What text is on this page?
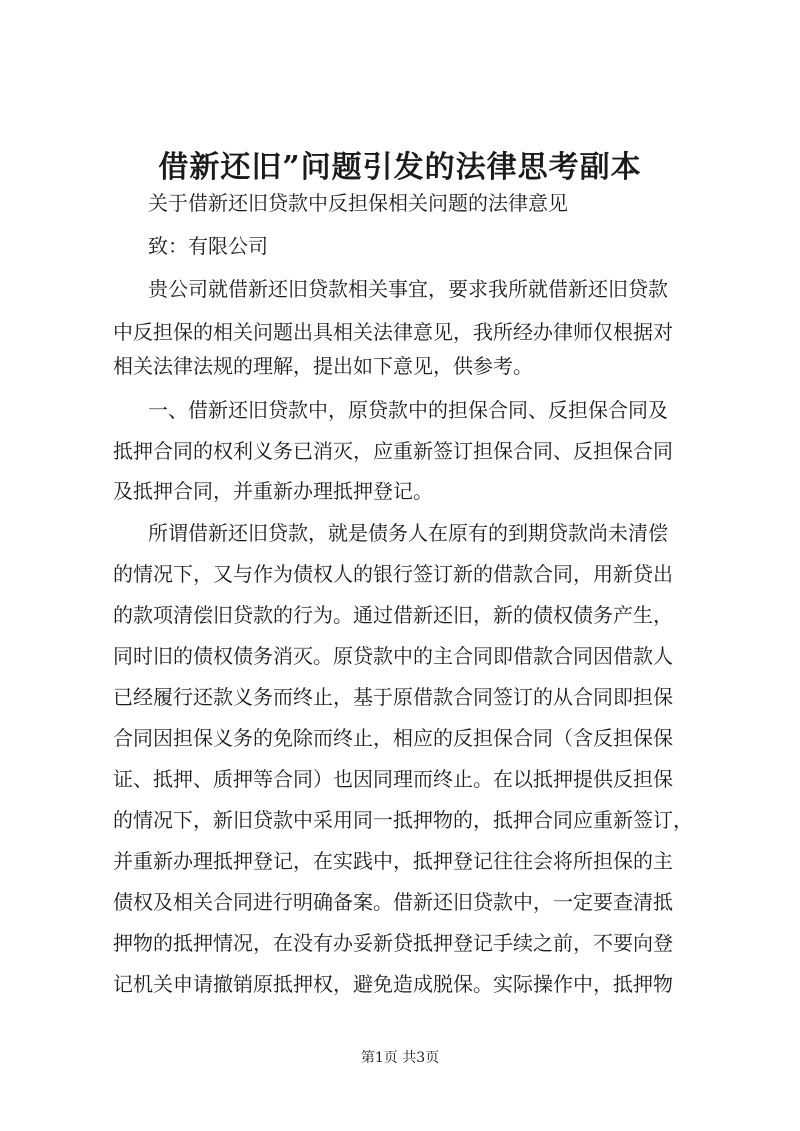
借新还旧”问题引发的法律思考副本

关于借新还旧贷款中反担保相关问题的法律意见

致：有限公司

贵公司就借新还旧贷款相关事宜，要求我所就借新还旧贷款

中反担保的相关问题出具相关法律意见，我所经办律师仅根据对

相关法律法规的理解，提出如下意见，供参考。

一、借新还旧贷款中，原贷款中的担保合同、反担保合同及

抵押合同的权利义务已消灭，应重新签订担保合同、反担保合同

及抵押合同，并重新办理抵押登记。

所谓借新还旧贷款，就是债务人在原有的到期贷款尚未清偿

的情况下，又与作为债权人的银行签订新的借款合同，用新贷出

的款项清偿旧贷款的行为。通过借新还旧，新的债权债务产生，

同时旧的债权债务消灭。原贷款中的主合同即借款合同因借款人

已经履行还款义务而终止，基于原借款合同签订的从合同即担保

合同因担保义务的免除而终止，相应的反担保合同（含反担保保

证、抵押、质押等合同）也因同理而终止。在以抵押提供反担保

的情况下，新旧贷款中采用同一抵押物的，抵押合同应重新签订，

并重新办理抵押登记，在实践中，抵押登记往往会将所担保的主

债权及相关合同进行明确备案。借新还旧贷款中，一定要查清抵

押物的抵押情况，在没有办妥新贷抵押登记手续之前，不要向登

记机关申请撤销原抵押权，避免造成脱保。实际操作中，抵押物

第1页 共3页
